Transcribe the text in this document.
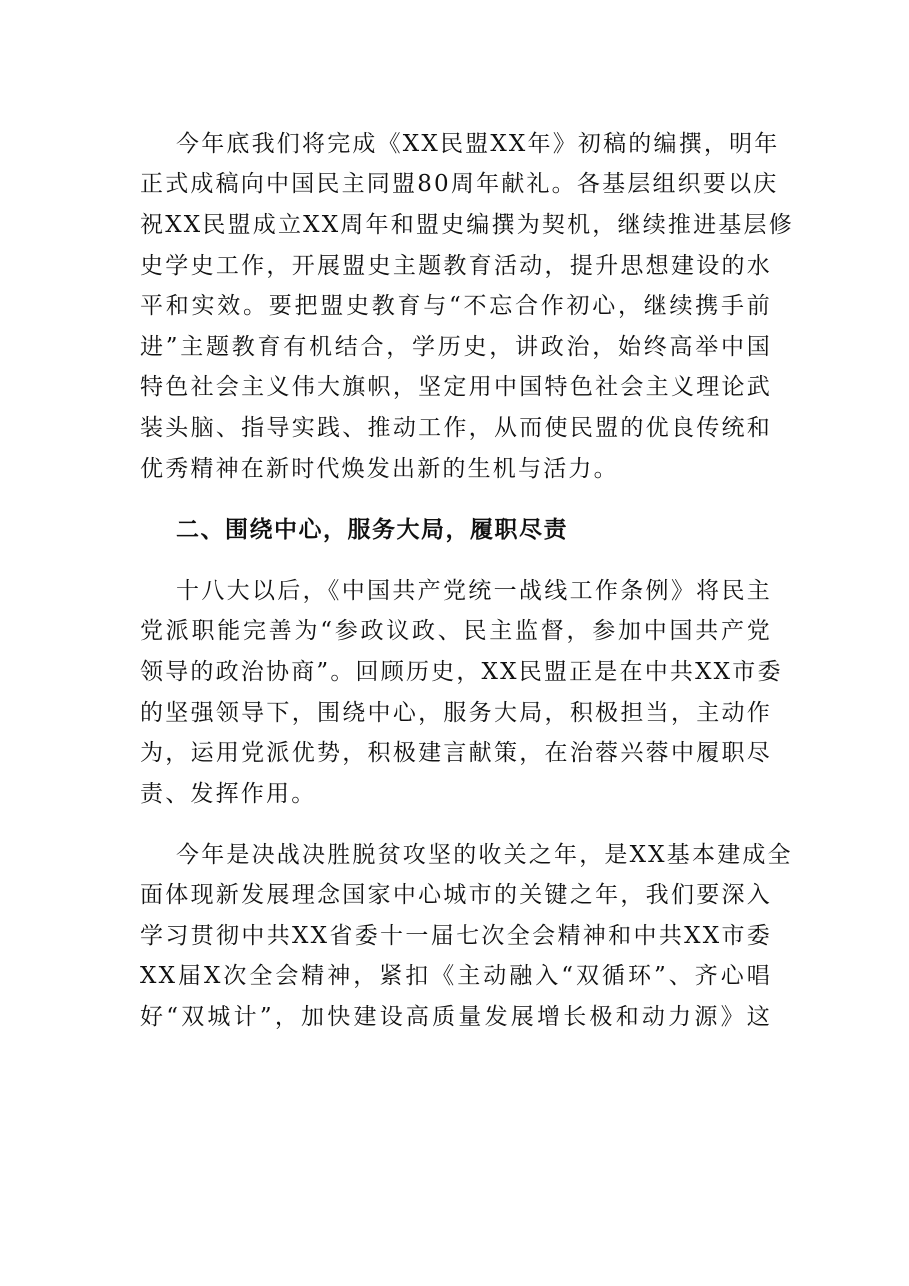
今年底我们将完成《XX民盟XX年》初稿的编撰，明年
正式成稿向中国民主同盟80周年献礼。各基层组织要以庆
祝XX民盟成立XX周年和盟史编撰为契机，继续推进基层修
史学史工作，开展盟史主题教育活动，提升思想建设的水
平和实效。要把盟史教育与“不忘合作初心，继续携手前
进”主题教育有机结合，学历史，讲政治，始终高举中国
特色社会主义伟大旗帜，坚定用中国特色社会主义理论武
装头脑、指导实践、推动工作，从而使民盟的优良传统和
优秀精神在新时代焕发出新的生机与活力。
二、围绕中心，服务大局，履职尽责
十八大以后，《中国共产党统一战线工作条例》将民主
党派职能完善为“参政议政、民主监督，参加中国共产党
领导的政治协商”。回顾历史，XX民盟正是在中共XX市委
的坚强领导下，围绕中心，服务大局，积极担当，主动作
为，运用党派优势，积极建言献策，在治蓉兴蓉中履职尽
责、发挥作用。
今年是决战决胜脱贫攻坚的收关之年，是XX基本建成全
面体现新发展理念国家中心城市的关键之年，我们要深入
学习贯彻中共XX省委十一届七次全会精神和中共XX市委
XX届X次全会精神，紧扣《主动融入“双循环”、齐心唱
好“双城计”，加快建设高质量发展增长极和动力源》这
